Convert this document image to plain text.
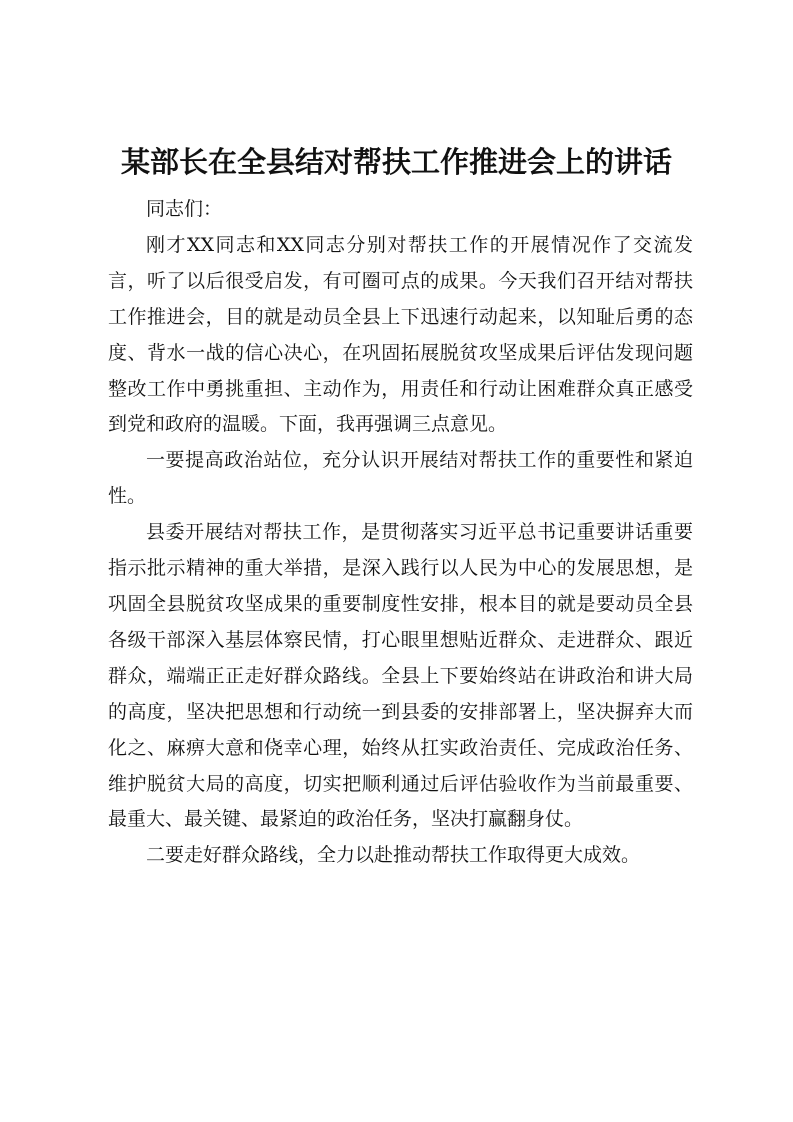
某部长在全县结对帮扶工作推进会上的讲话

同志们：

刚才XX同志和XX同志分别对帮扶工作的开展情况作了交流发言，听了以后很受启发，有可圈可点的成果。今天我们召开结对帮扶工作推进会，目的就是动员全县上下迅速行动起来，以知耻后勇的态度、背水一战的信心决心，在巩固拓展脱贫攻坚成果后评估发现问题整改工作中勇挑重担、主动作为，用责任和行动让困难群众真正感受到党和政府的温暖。下面，我再强调三点意见。

一要提高政治站位，充分认识开展结对帮扶工作的重要性和紧迫性。

县委开展结对帮扶工作，是贯彻落实习近平总书记重要讲话重要指示批示精神的重大举措，是深入践行以人民为中心的发展思想，是巩固全县脱贫攻坚成果的重要制度性安排，根本目的就是要动员全县各级干部深入基层体察民情，打心眼里想贴近群众、走进群众、跟近群众，端端正正走好群众路线。全县上下要始终站在讲政治和讲大局的高度，坚决把思想和行动统一到县委的安排部署上，坚决摒弃大而化之、麻痹大意和侥幸心理，始终从扛实政治责任、完成政治任务、维护脱贫大局的高度，切实把顺利通过后评估验收作为当前最重要、最重大、最关键、最紧迫的政治任务，坚决打赢翻身仗。

二要走好群众路线，全力以赴推动帮扶工作取得更大成效。
